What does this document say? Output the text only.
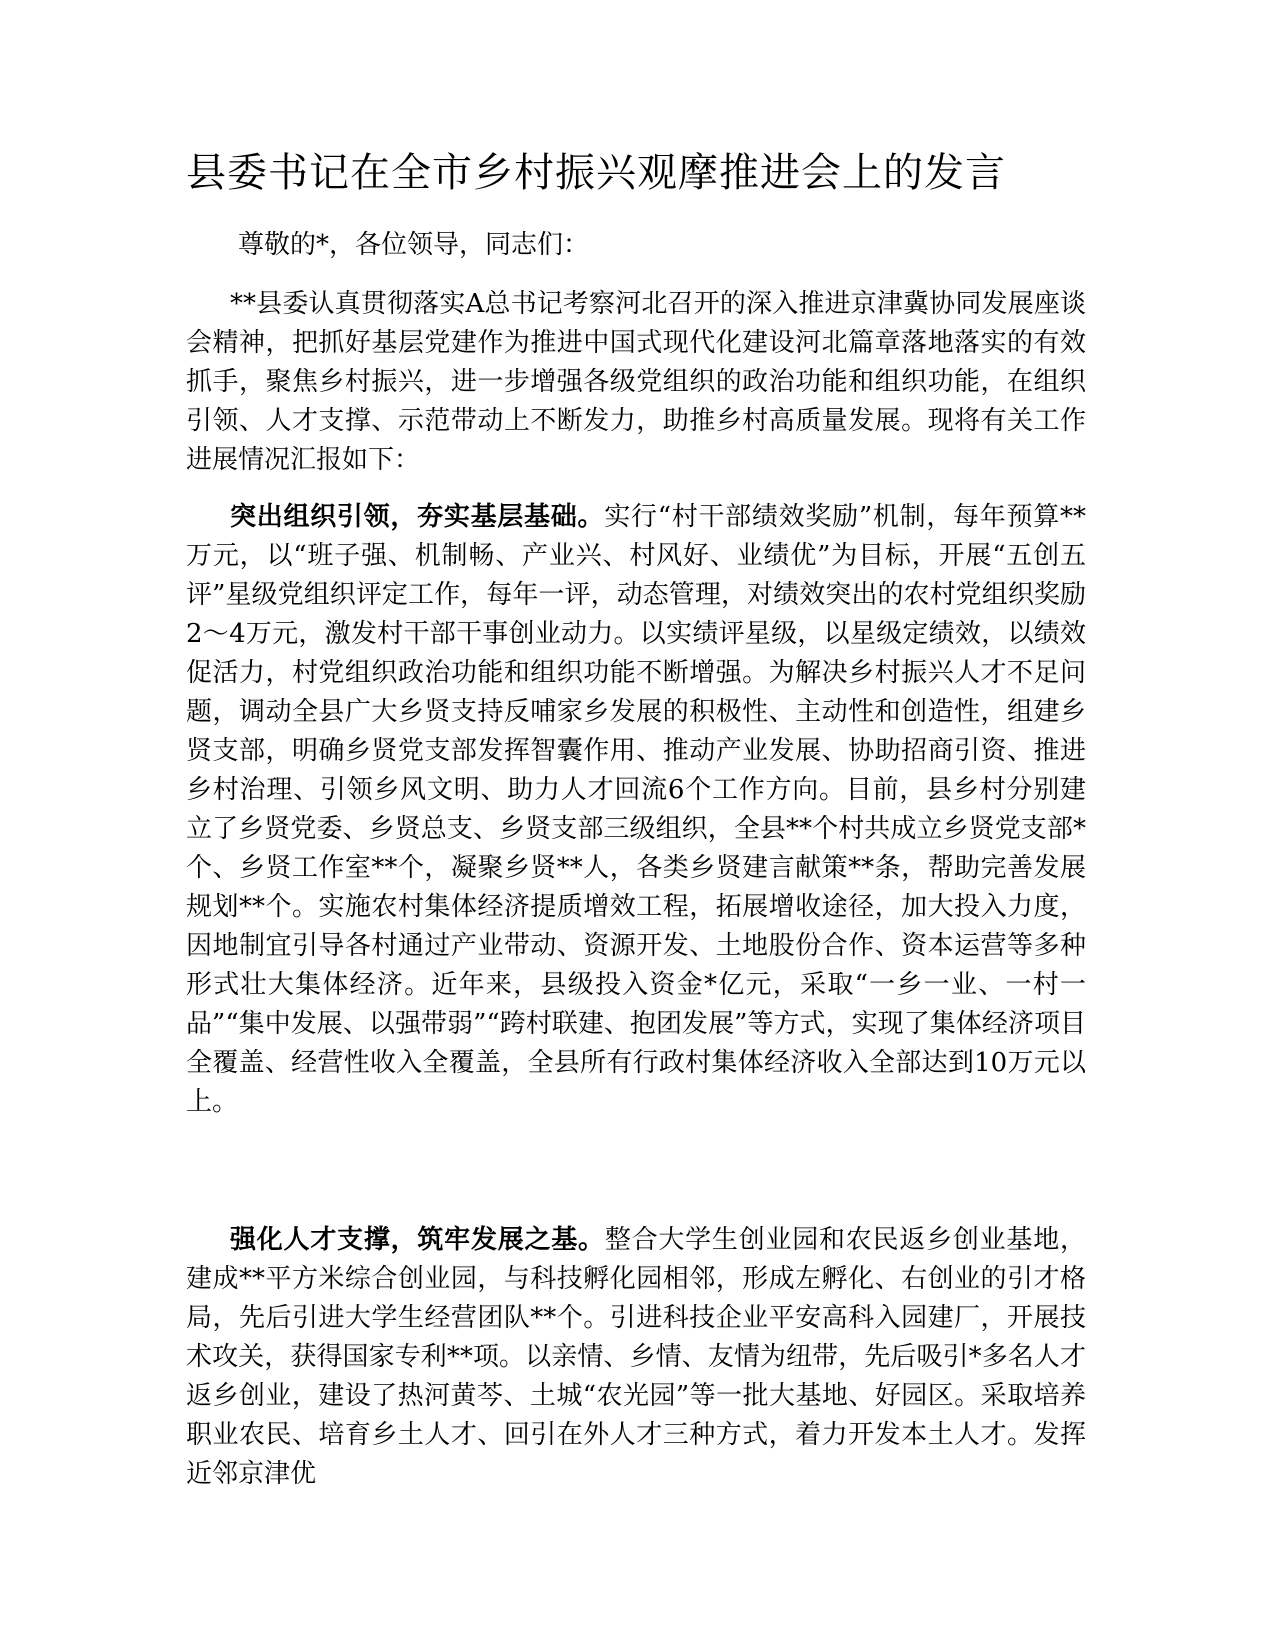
县委书记在全市乡村振兴观摩推进会上的发言

尊敬的*，各位领导，同志们：

**县委认真贯彻落实A总书记考察河北召开的深入推进京津冀协同发展座谈会精神，把抓好基层党建作为推进中国式现代化建设河北篇章落地落实的有效抓手，聚焦乡村振兴，进一步增强各级党组织的政治功能和组织功能，在组织引领、人才支撑、示范带动上不断发力，助推乡村高质量发展。现将有关工作进展情况汇报如下：

突出组织引领，夯实基层基础。实行“村干部绩效奖励”机制，每年预算**万元，以“班子强、机制畅、产业兴、村风好、业绩优”为目标，开展“五创五评”星级党组织评定工作，每年一评，动态管理，对绩效突出的农村党组织奖励2～4万元，激发村干部干事创业动力。以实绩评星级，以星级定绩效，以绩效促活力，村党组织政治功能和组织功能不断增强。为解决乡村振兴人才不足问题，调动全县广大乡贤支持反哺家乡发展的积极性、主动性和创造性，组建乡贤支部，明确乡贤党支部发挥智囊作用、推动产业发展、协助招商引资、推进乡村治理、引领乡风文明、助力人才回流6个工作方向。目前，县乡村分别建立了乡贤党委、乡贤总支、乡贤支部三级组织，全县**个村共成立乡贤党支部*个、乡贤工作室**个，凝聚乡贤**人，各类乡贤建言献策**条，帮助完善发展规划**个。实施农村集体经济提质增效工程，拓展增收途径，加大投入力度，因地制宜引导各村通过产业带动、资源开发、土地股份合作、资本运营等多种形式壮大集体经济。近年来，县级投入资金*亿元，采取“一乡一业、一村一品”“集中发展、以强带弱”“跨村联建、抱团发展”等方式，实现了集体经济项目全覆盖、经营性收入全覆盖，全县所有行政村集体经济收入全部达到10万元以上。

强化人才支撑，筑牢发展之基。整合大学生创业园和农民返乡创业基地，建成**平方米综合创业园，与科技孵化园相邻，形成左孵化、右创业的引才格局，先后引进大学生经营团队**个。引进科技企业平安高科入园建厂，开展技术攻关，获得国家专利**项。以亲情、乡情、友情为纽带，先后吸引*多名人才返乡创业，建设了热河黄芩、土城“农光园”等一批大基地、好园区。采取培养职业农民、培育乡土人才、回引在外人才三种方式，着力开发本土人才。发挥近邻京津优
